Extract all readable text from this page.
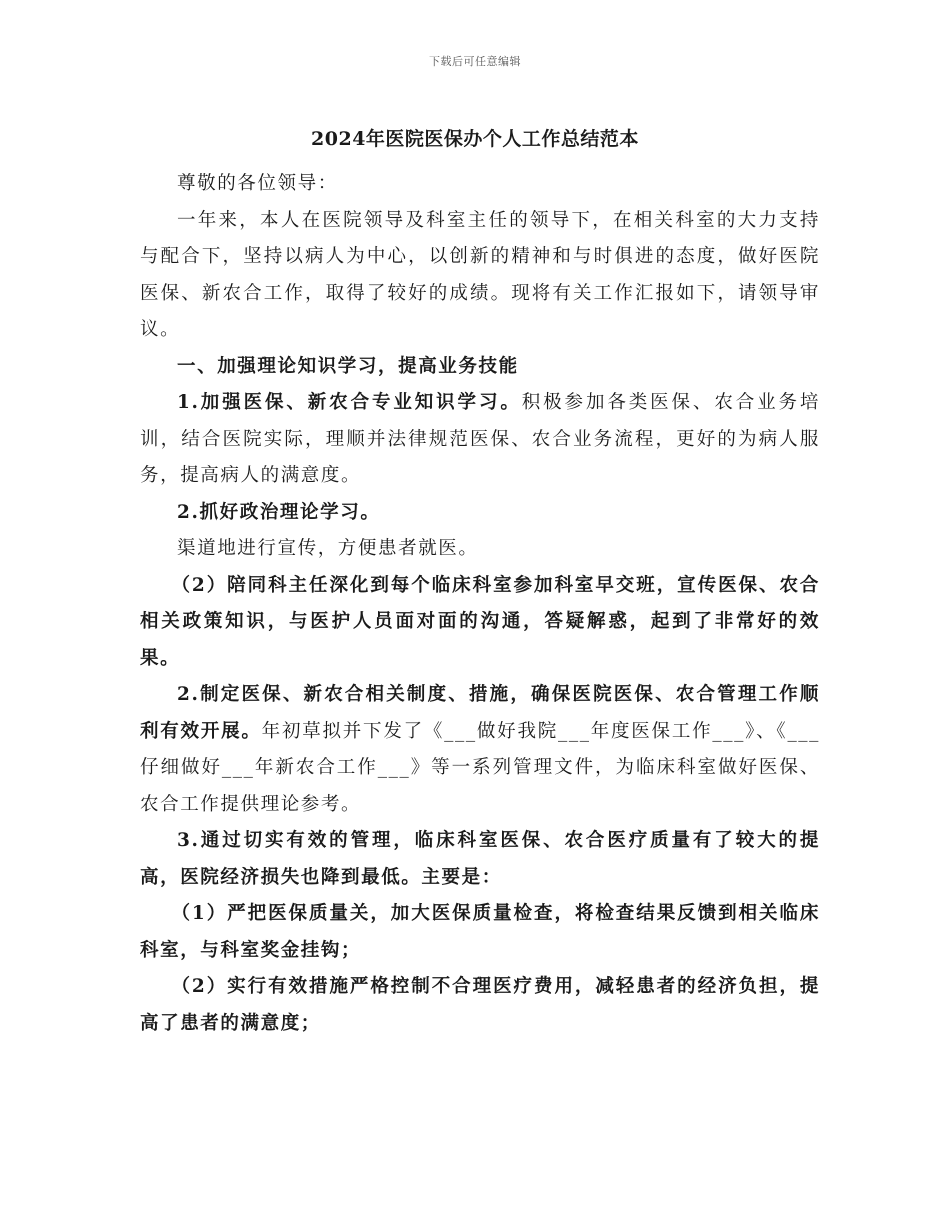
下载后可任意编辑
2024年医院医保办个人工作总结范本

尊敬的各位领导：

一年来，本人在医院领导及科室主任的领导下，在相关科室的大力支持与配合下，坚持以病人为中心，以创新的精神和与时俱进的态度，做好医院医保、新农合工作，取得了较好的成绩。现将有关工作汇报如下，请领导审议。

一、加强理论知识学习，提高业务技能

1.加强医保、新农合专业知识学习。积极参加各类医保、农合业务培训，结合医院实际，理顺并法律规范医保、农合业务流程，更好的为病人服务，提高病人的满意度。

2.抓好政治理论学习。

渠道地进行宣传，方便患者就医。

（2）陪同科主任深化到每个临床科室参加科室早交班，宣传医保、农合相关政策知识，与医护人员面对面的沟通，答疑解惑，起到了非常好的效果。

2.制定医保、新农合相关制度、措施，确保医院医保、农合管理工作顺利有效开展。年初草拟并下发了《___做好我院___年度医保工作___》、《___仔细做好___年新农合工作___》等一系列管理文件，为临床科室做好医保、农合工作提供理论参考。

3.通过切实有效的管理，临床科室医保、农合医疗质量有了较大的提高，医院经济损失也降到最低。主要是：

（1）严把医保质量关，加大医保质量检查，将检查结果反馈到相关临床科室，与科室奖金挂钩；

（2）实行有效措施严格控制不合理医疗费用，减轻患者的经济负担，提高了患者的满意度；
